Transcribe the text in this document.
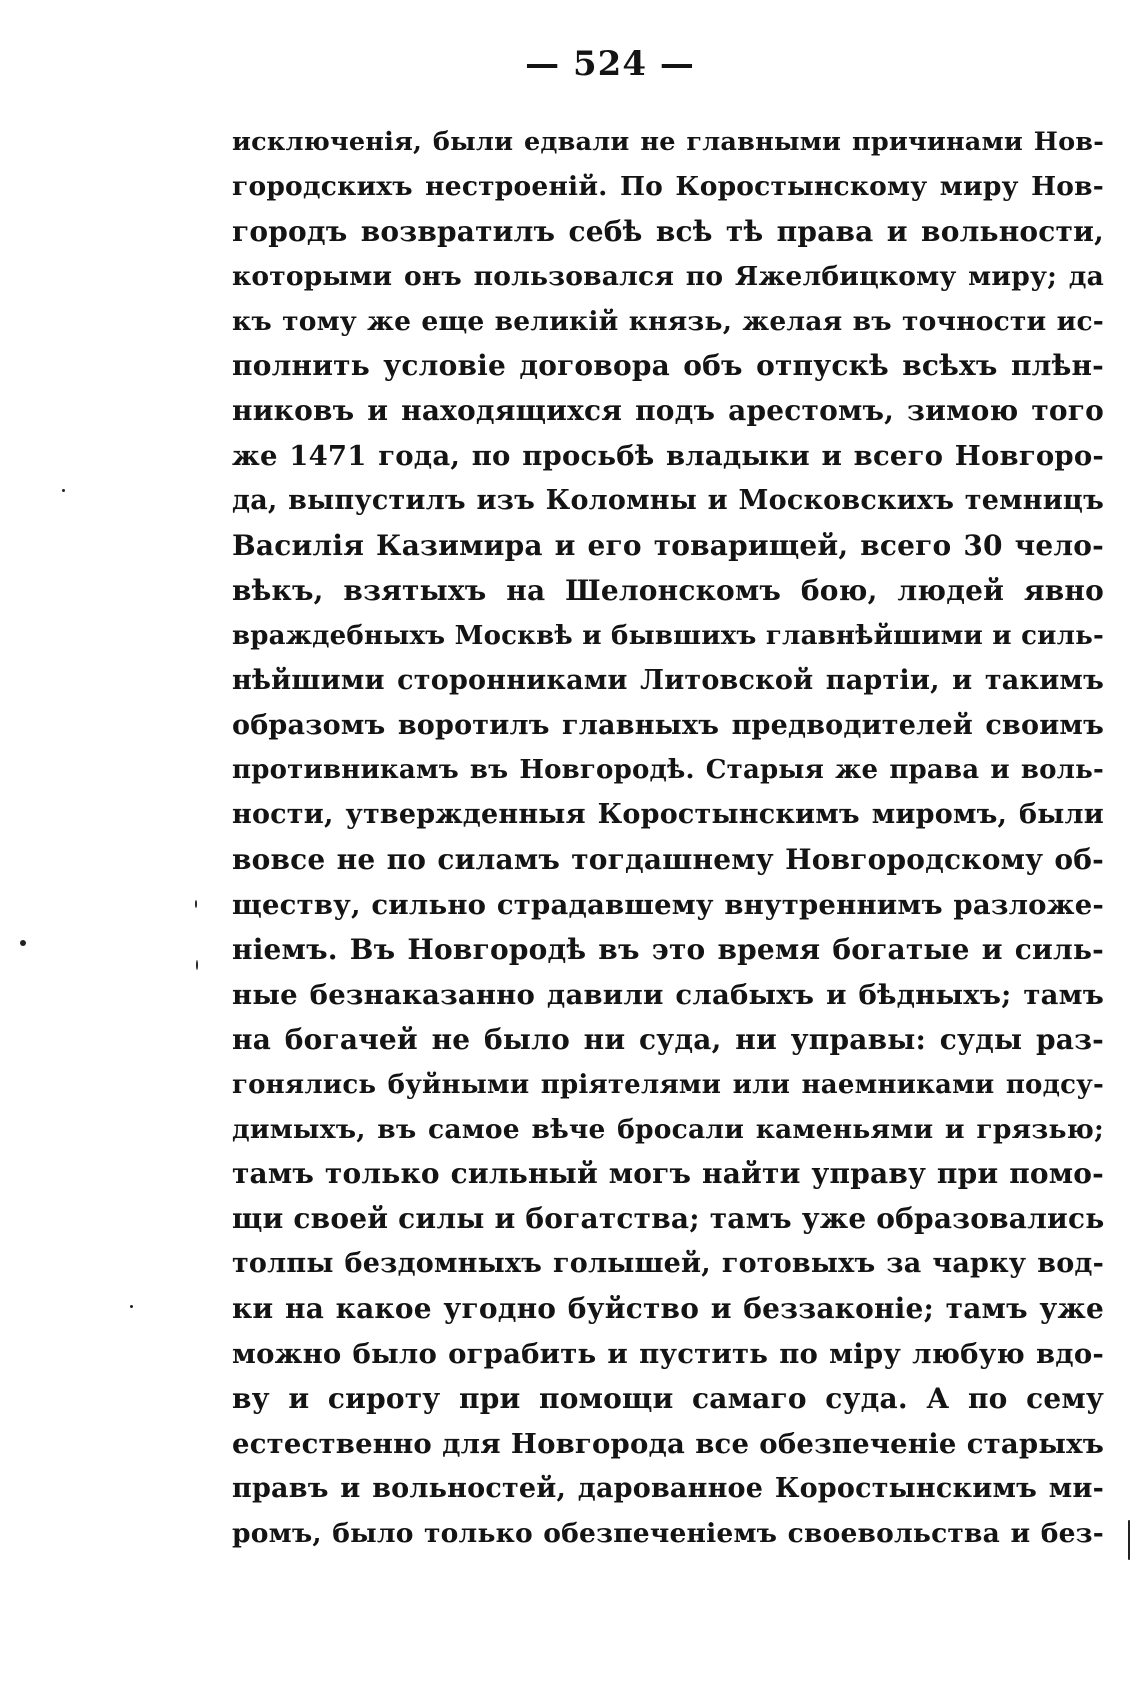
— 524 —
исключенія, были едвали не главными причинами Нов-
городскихъ нестроеній. По Коростынскому миру Нов-
городъ возвратилъ себѣ всѣ тѣ права и вольности,
которыми онъ пользовался по Яжелбицкому миру; да
къ тому же еще великій князь, желая въ точности ис-
полнить условіе договора объ отпускѣ всѣхъ плѣн-
никовъ и находящихся подъ арестомъ, зимою того
же 1471 года, по просьбѣ владыки и всего Новгоро-
да, выпустилъ изъ Коломны и Московскихъ темницъ
Василія Казимира и его товарищей, всего 30 чело-
вѣкъ, взятыхъ на Шелонскомъ бою, людей явно
враждебныхъ Москвѣ и бывшихъ главнѣйшими и силь-
нѣйшими сторонниками Литовской партіи, и такимъ
образомъ воротилъ главныхъ предводителей своимъ
противникамъ въ Новгородѣ. Старыя же права и воль-
ности, утвержденныя Коростынскимъ миромъ, были
вовсе не по силамъ тогдашнему Новгородскому об-
ществу, сильно страдавшему внутреннимъ разложе-
ніемъ. Въ Новгородѣ въ это время богатые и силь-
ные безнаказанно давили слабыхъ и бѣдныхъ; тамъ
на богачей не было ни суда, ни управы: суды раз-
гонялись буйными пріятелями или наемниками подсу-
димыхъ, въ самое вѣче бросали каменьями и грязью;
тамъ только сильный могъ найти управу при помо-
щи своей силы и богатства; тамъ уже образовались
толпы бездомныхъ голышей, готовыхъ за чарку вод-
ки на какое угодно буйство и беззаконіе; тамъ уже
можно было ограбить и пустить по міру любую вдо-
ву и сироту при помощи самаго суда. А по сему
естественно для Новгорода все обезпеченіе старыхъ
правъ и вольностей, дарованное Коростынскимъ ми-
ромъ, было только обезпеченіемъ своевольства и без-
